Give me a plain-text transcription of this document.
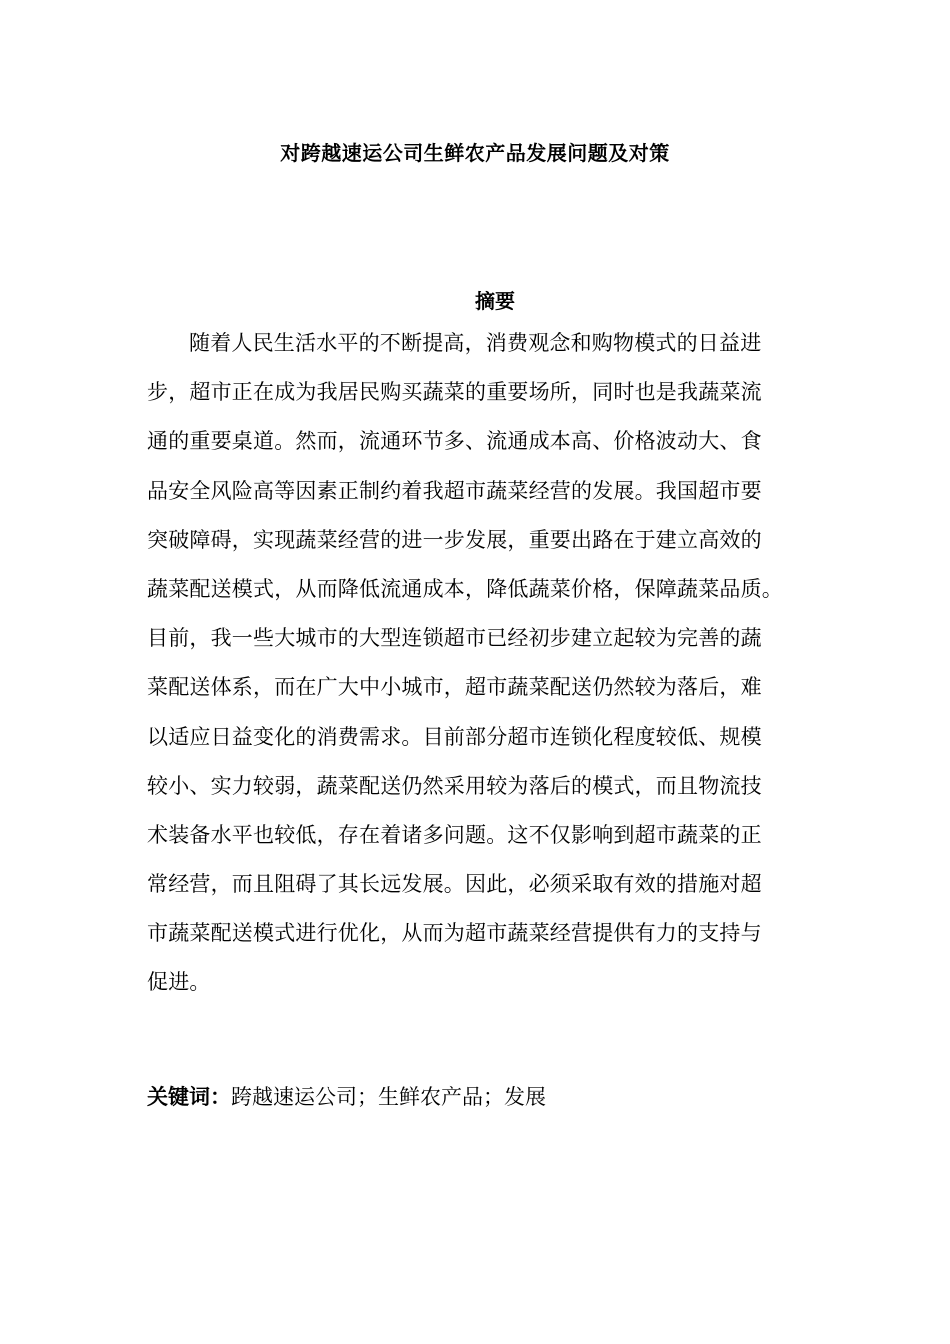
对跨越速运公司生鲜农产品发展问题及对策
摘要
随着人民生活水平的不断提高，消费观念和购物模式的日益进
步，超市正在成为我居民购买蔬菜的重要场所，同时也是我蔬菜流
通的重要桌道。然而，流通环节多、流通成本高、价格波动大、食
品安全风险高等因素正制约着我超市蔬菜经营的发展。我国超市要
突破障碍，实现蔬菜经营的进一步发展，重要出路在于建立高效的
蔬菜配送模式，从而降低流通成本，降低蔬菜价格，保障蔬菜品质。
目前，我一些大城市的大型连锁超市已经初步建立起较为完善的蔬
菜配送体系，而在广大中小城市，超市蔬菜配送仍然较为落后，难
以适应日益变化的消费需求。目前部分超市连锁化程度较低、规模
较小、实力较弱，蔬菜配送仍然采用较为落后的模式，而且物流技
术装备水平也较低，存在着诸多问题。这不仅影响到超市蔬菜的正
常经营，而且阻碍了其长远发展。因此，必须采取有效的措施对超
市蔬菜配送模式进行优化，从而为超市蔬菜经营提供有力的支持与
促进。
关键词：跨越速运公司；生鲜农产品；发展
